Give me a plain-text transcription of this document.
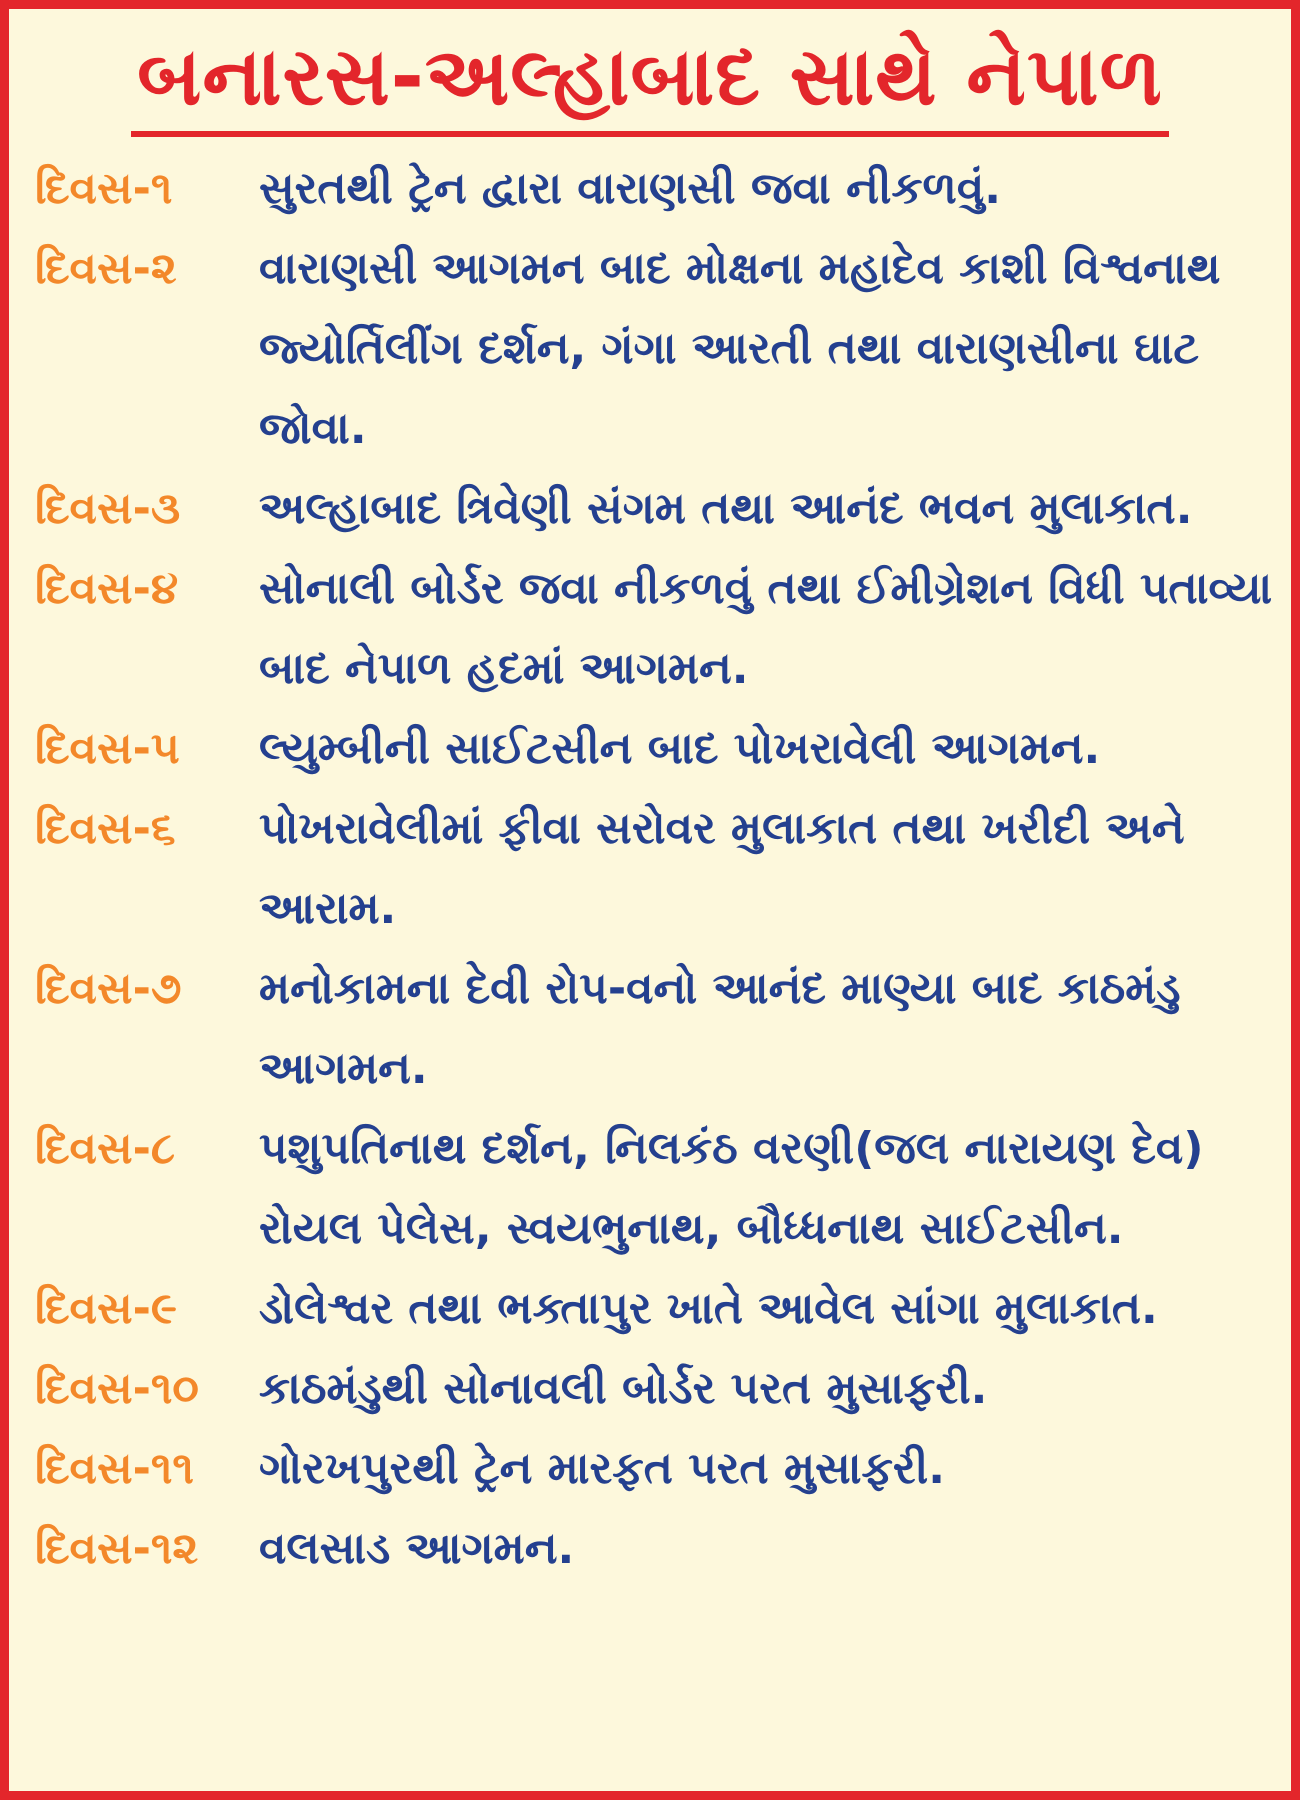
બનારસ-અલ્હાબાદ સાથે નેપાળ
દિવસ-૧	સુરતથી ટ્રેન દ્વારા વારાણસી જવા નીકળવું.
દિવસ-૨	વારાણસી આગમન બાદ મોક્ષના મહાદેવ કાશી વિશ્વનાથ જ્યોર્તિલીંગ દર્શન, ગંગા આરતી તથા વારાણસીના ઘાટ જોવા.
દિવસ-૩	અલ્હાબાદ ત્રિવેણી સંગમ તથા આનંદ ભવન મુલાકાત.
દિવસ-૪	સોનાલી બોર્ડર જવા નીકળવું તથા ઈમીગ્રેશન વિધી પતાવ્યા બાદ નેપાળ હદમાં આગમન.
દિવસ-૫	લ્યુમ્બીની સાઈટસીન બાદ પોખરાવેલી આગમન.
દિવસ-૬	પોખરાવેલીમાં ફીવા સરોવર મુલાકાત તથા ખરીદી અને આરામ.
દિવસ-૭	મનોકામના દેવી રોપ-વનો આનંદ માણ્યા બાદ કાઠમંડુ આગમન.
દિવસ-૮	પશુપતિનાથ દર્શન, નિલકંઠ વરણી(જલ નારાયણ દેવ) રોયલ પેલેસ, સ્વયભુનાથ, બૌધ્ધનાથ સાઈટસીન.
દિવસ-૯	ડોલેશ્વર તથા ભક્તાપુર ખાતે આવેલ સાંગા મુલાકાત.
દિવસ-૧૦	કાઠમંડુથી સોનાવલી બોર્ડર પરત મુસાફરી.
દિવસ-૧૧	ગોરખપુરથી ટ્રેન મારફત પરત મુસાફરી.
દિવસ-૧૨	વલસાડ આગમન.
